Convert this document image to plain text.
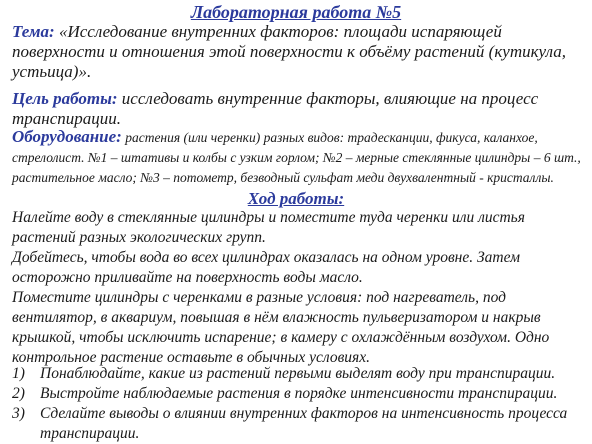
Лабораторная работа №5
Тема: «Исследование внутренних факторов: площади испаряющей поверхности и отношения этой поверхности к объёму растений (кутикула, устьица)».
Цель работы: исследовать внутренние факторы, влияющие на процесс транспирации.
Оборудование: растения (или черенки) разных видов: традесканции, фикуса, каланхое, стрелолист. №1 – штативы и колбы с узким горлом; №2 – мерные стеклянные цилиндры – 6 шт., растительное масло; №3 – потометр, безводный сульфат меди двухвалентный - кристаллы.
Ход работы:

Налейте воду в стеклянные цилиндры и поместите туда черенки или листья растений разных экологических групп.

Добейтесь, чтобы вода во всех цилиндрах оказалась на одном уровне. Затем осторожно приливайте на поверхность воды масло.

Поместите цилиндры с черенками в разные условия: под нагреватель, под вентилятор, в аквариум, повышая в нём влажность пульверизатором и накрыв крышкой, чтобы исключить испарение; в камеру с охлаждённым воздухом. Одно контрольное растение оставьте в обычных условиях.

1) Понаблюдайте, какие из растений первыми выделят воду при транспирации.
2) Выстройте наблюдаемые растения в порядке интенсивности транспирации.
3) Сделайте выводы о влиянии внутренних факторов на интенсивность процесса транспирации.
